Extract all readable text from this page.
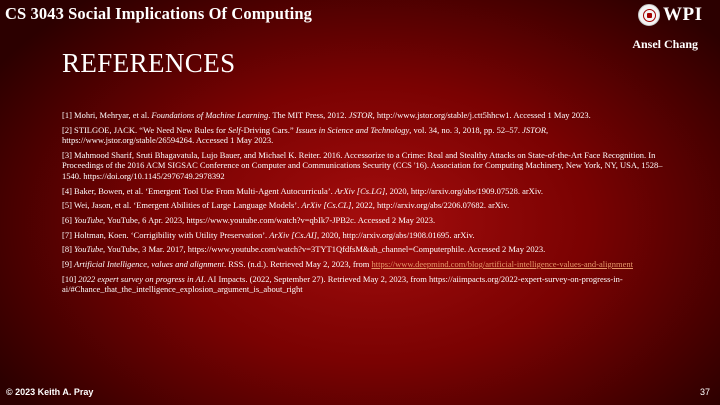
CS 3043 Social Implications Of Computing	WPI
Ansel Chang
REFERENCES
[1] Mohri, Mehryar, et al. Foundations of Machine Learning. The MIT Press, 2012. JSTOR, http://www.jstor.org/stable/j.ctt5hhcw1. Accessed 1 May 2023.
[2] STILGOE, JACK. “We Need New Rules for Self-Driving Cars.” Issues in Science and Technology, vol. 34, no. 3, 2018, pp. 52–57. JSTOR, https://www.jstor.org/stable/26594264. Accessed 1 May 2023.
[3] Mahmood Sharif, Sruti Bhagavatula, Lujo Bauer, and Michael K. Reiter. 2016. Accessorize to a Crime: Real and Stealthy Attacks on State-of-the-Art Face Recognition. In Proceedings of the 2016 ACM SIGSAC Conference on Computer and Communications Security (CCS '16). Association for Computing Machinery, New York, NY, USA, 1528–1540. https://doi.org/10.1145/2976749.2978392
[4] Baker, Bowen, et al. ‘Emergent Tool Use From Multi-Agent Autocurricula’. ArXiv [Cs.LG], 2020, http://arxiv.org/abs/1909.07528. arXiv.
[5] Wei, Jason, et al. ‘Emergent Abilities of Large Language Models’. ArXiv [Cs.CL], 2022, http://arxiv.org/abs/2206.07682. arXiv.
[6] YouTube, YouTube, 6 Apr. 2023, https://www.youtube.com/watch?v=qbIk7-JPB2c. Accessed 2 May 2023.
[7] Holtman, Koen. ‘Corrigibility with Utility Preservation’. ArXiv [Cs.AI], 2020, http://arxiv.org/abs/1908.01695. arXiv.
[8] YouTube, YouTube, 3 Mar. 2017, https://www.youtube.com/watch?v=3TYT1QfdfsM&ab_channel=Computerphile. Accessed 2 May 2023.
[9] Artificial Intelligence, values and alignment. RSS. (n.d.). Retrieved May 2, 2023, from https://www.deepmind.com/blog/artificial-intelligence-values-and-alignment
[10] 2022 expert survey on progress in AI. AI Impacts. (2022, September 27). Retrieved May 2, 2023, from https://aiimpacts.org/2022-expert-survey-on-progress-in-ai/#Chance_that_the_intelligence_explosion_argument_is_about_right
© 2023 Keith A. Pray	37
